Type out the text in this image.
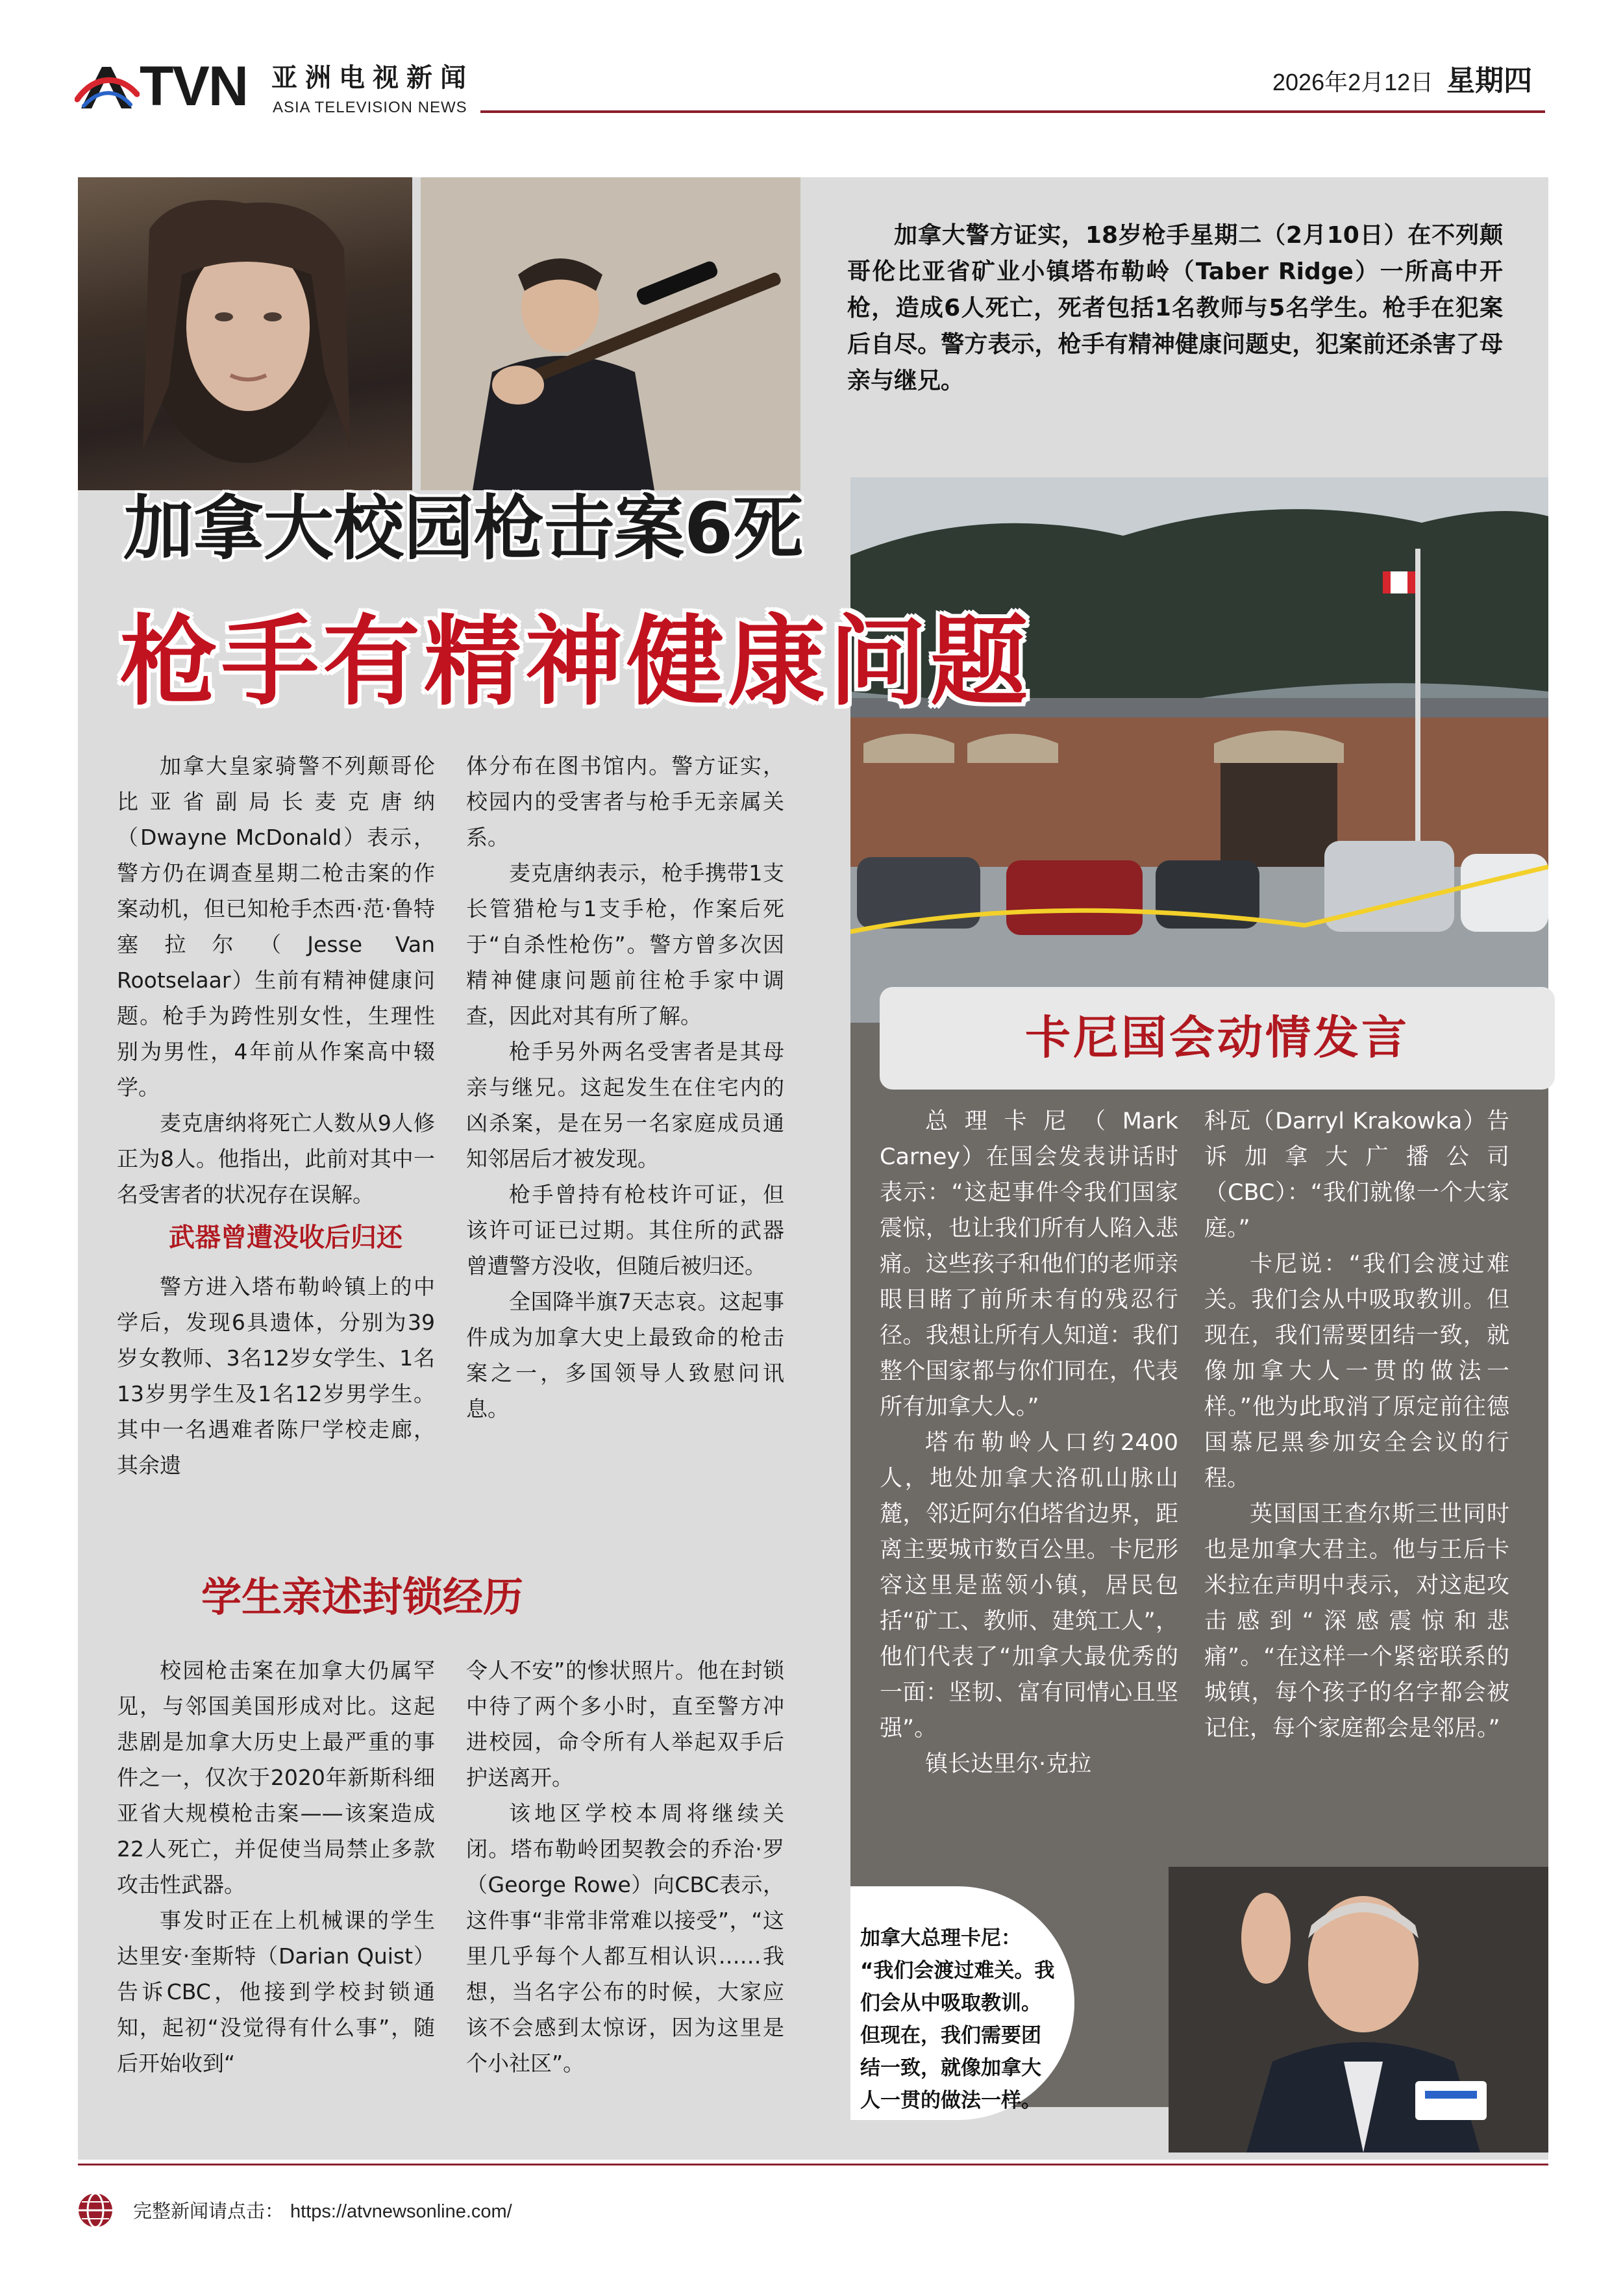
TVN 亚洲电视新闻
ASIA TELEVISION NEWS
2026年2月12日 星期四

加拿大警方证实，18岁枪手星期二（2月10日）在不列颠哥伦比亚省矿业小镇塔布勒岭（Taber Ridge）一所高中开枪，造成6人死亡，死者包括1名教师与5名学生。枪手在犯案后自尽。警方表示，枪手有精神健康问题史，犯案前还杀害了母亲与继兄。

加拿大校园枪击案6死
枪手有精神健康问题

加拿大皇家骑警不列颠哥伦比亚省副局长麦克唐纳（Dwayne McDonald）表示，警方仍在调查星期二枪击案的作案动机，但已知枪手杰西·范·鲁特塞拉尔（Jesse Van Rootselaar）生前有精神健康问题。枪手为跨性别女性，生理性别为男性，4年前从作案高中辍学。

麦克唐纳将死亡人数从9人修正为8人。他指出，此前对其中一名受害者的状况存在误解。

武器曾遭没收后归还

警方进入塔布勒岭镇上的中学后，发现6具遗体，分别为39岁女教师、3名12岁女学生、1名13岁男学生及1名12岁男学生。其中一名遇难者陈尸学校走廊，其余遗

体分布在图书馆内。警方证实，校园内的受害者与枪手无亲属关系。

麦克唐纳表示，枪手携带1支长管猎枪与1支手枪，作案后死于“自杀性枪伤”。警方曾多次因精神健康问题前往枪手家中调查，因此对其有所了解。

枪手另外两名受害者是其母亲与继兄。这起发生在住宅内的凶杀案，是在另一名家庭成员通知邻居后才被发现。

枪手曾持有枪枝许可证，但该许可证已过期。其住所的武器曾遭警方没收，但随后被归还。

全国降半旗7天志哀。这起事件成为加拿大史上最致命的枪击案之一，多国领导人致慰问讯息。

学生亲述封锁经历

校园枪击案在加拿大仍属罕见，与邻国美国形成对比。这起悲剧是加拿大历史上最严重的事件之一，仅次于2020年新斯科细亚省大规模枪击案——该案造成22人死亡，并促使当局禁止多款攻击性武器。

事发时正在上机械课的学生达里安·奎斯特（Darian Quist）告诉CBC，他接到学校封锁通知，起初“没觉得有什么事”，随后开始收到“

令人不安”的惨状照片。他在封锁中待了两个多小时，直至警方冲进校园，命令所有人举起双手后护送离开。

该地区学校本周将继续关闭。塔布勒岭团契教会的乔治·罗（George Rowe）向CBC表示，这件事“非常非常难以接受”，“这里几乎每个人都互相认识……我想，当名字公布的时候，大家应该不会感到太惊讶，因为这里是个小社区”。

卡尼国会动情发言

总理卡尼（Mark Carney）在国会发表讲话时表示：“这起事件令我们国家震惊，也让我们所有人陷入悲痛。这些孩子和他们的老师亲眼目睹了前所未有的残忍行径。我想让所有人知道：我们整个国家都与你们同在，代表所有加拿大人。”

塔布勒岭人口约2400人，地处加拿大洛矶山脉山麓，邻近阿尔伯塔省边界，距离主要城市数百公里。卡尼形容这里是蓝领小镇，居民包括“矿工、教师、建筑工人”，他们代表了“加拿大最优秀的一面：坚韧、富有同情心且坚强”。

镇长达里尔·克拉

科瓦（Darryl Krakowka）告诉加拿大广播公司（CBC）：“我们就像一个大家庭。”

卡尼说：“我们会渡过难关。我们会从中吸取教训。但现在，我们需要团结一致，就像加拿大人一贯的做法一样。”他为此取消了原定前往德国慕尼黑参加安全会议的行程。

英国国王查尔斯三世同时也是加拿大君主。他与王后卡米拉在声明中表示，对这起攻击感到“深感震惊和悲痛”。“在这样一个紧密联系的城镇，每个孩子的名字都会被记住，每个家庭都会是邻居。”

加拿大总理卡尼：
“我们会渡过难关。我们会从中吸取教训。但现在，我们需要团结一致，就像加拿大人一贯的做法一样。
完整新闻请点击： https://atvnewsonline.com/
